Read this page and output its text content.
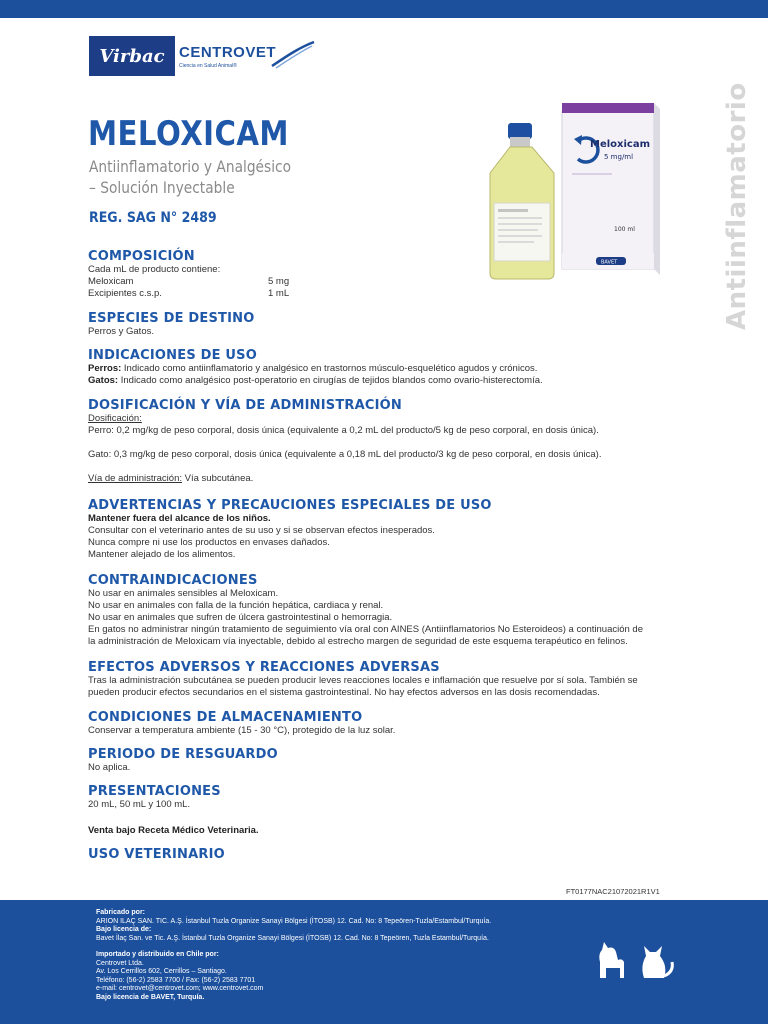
Virbac CENTROVET
Ciencia en Salud Animal®
MELOXICAM
Antiinflamatorio y Analgésico
– Solución Inyectable
REG. SAG N° 2489	Antiinflamatorio
Meloxicam
5 mg/ml
100 ml
BAVET

COMPOSICIÓN

Cada mL de producto contiene:

Meloxicam	5 mg
Excipientes c.s.p.	1 mL

ESPECIES DE DESTINO

Perros y Gatos.

INDICACIONES DE USO

Perros: Indicado como antiinflamatorio y analgésico en trastornos músculo-esquelético agudos y crónicos.

Gatos: Indicado como analgésico post-operatorio en cirugías de tejidos blandos como ovario-histerectomía.

DOSIFICACIÓN Y VÍA DE ADMINISTRACIÓN

Dosificación:

Perro: 0,2 mg/kg de peso corporal, dosis única (equivalente a 0,2 mL del producto/5 kg de peso corporal, en dosis única).

Gato: 0,3 mg/kg de peso corporal, dosis única (equivalente a 0,18 mL del producto/3 kg de peso corporal, en dosis única).

Vía de administración: Vía subcutánea.

ADVERTENCIAS Y PRECAUCIONES ESPECIALES DE USO

Mantener fuera del alcance de los niños.

Consultar con el veterinario antes de su uso y si se observan efectos inesperados.

Nunca compre ni use los productos en envases dañados.

Mantener alejado de los alimentos.

CONTRAINDICACIONES

No usar en animales sensibles al Meloxicam.

No usar en animales con falla de la función hepática, cardiaca y renal.

No usar en animales que sufren de úlcera gastrointestinal o hemorragia.

En gatos no administrar ningún tratamiento de seguimiento vía oral con AINES (Antiinflamatorios No Esteroideos) a continuación de

la administración de Meloxicam vía inyectable, debido al estrecho margen de seguridad de este esquema terapéutico en felinos.

EFECTOS ADVERSOS Y REACCIONES ADVERSAS

Tras la administración subcutánea se pueden producir leves reacciones locales e inflamación que resuelve por sí sola. También se

pueden producir efectos secundarios en el sistema gastrointestinal. No hay efectos adversos en las dosis recomendadas.

CONDICIONES DE ALMACENAMIENTO

Conservar a temperatura ambiente (15 - 30 °C), protegido de la luz solar.

PERIODO DE RESGUARDO

No aplica.

PRESENTACIONES

20 mL, 50 mL y 100 mL.

Venta bajo Receta Médico Veterinaria.

USO VETERINARIO

FT0177NAC21072021R1V1
Fabricado por:
ARION ILAÇ SAN. TIC. A.Ş. İstanbul Tuzla Organize Sanayi Bölgesi (İTOSB) 12. Cad. No: 8 Tepeören-Tuzla/Estambul/Turquía.
Bajo licencia de:
Bavet İlaç San. ve Tic. A.Ş. İstanbul Tuzla Organize Sanayi Bölgesi (İTOSB) 12. Cad. No: 8 Tepeören, Tuzla Estambul/Turquía.
Importado y distribuido en Chile por:
Centrovet Ltda.
Av. Los Cerrillos 602, Cerrillos – Santiago.
Teléfono: (56-2) 2583 7700 / Fax: (56-2) 2583 7701
e-mail: centrovet@centrovet.com; www.centrovet.com
Bajo licencia de BAVET, Turquía.
